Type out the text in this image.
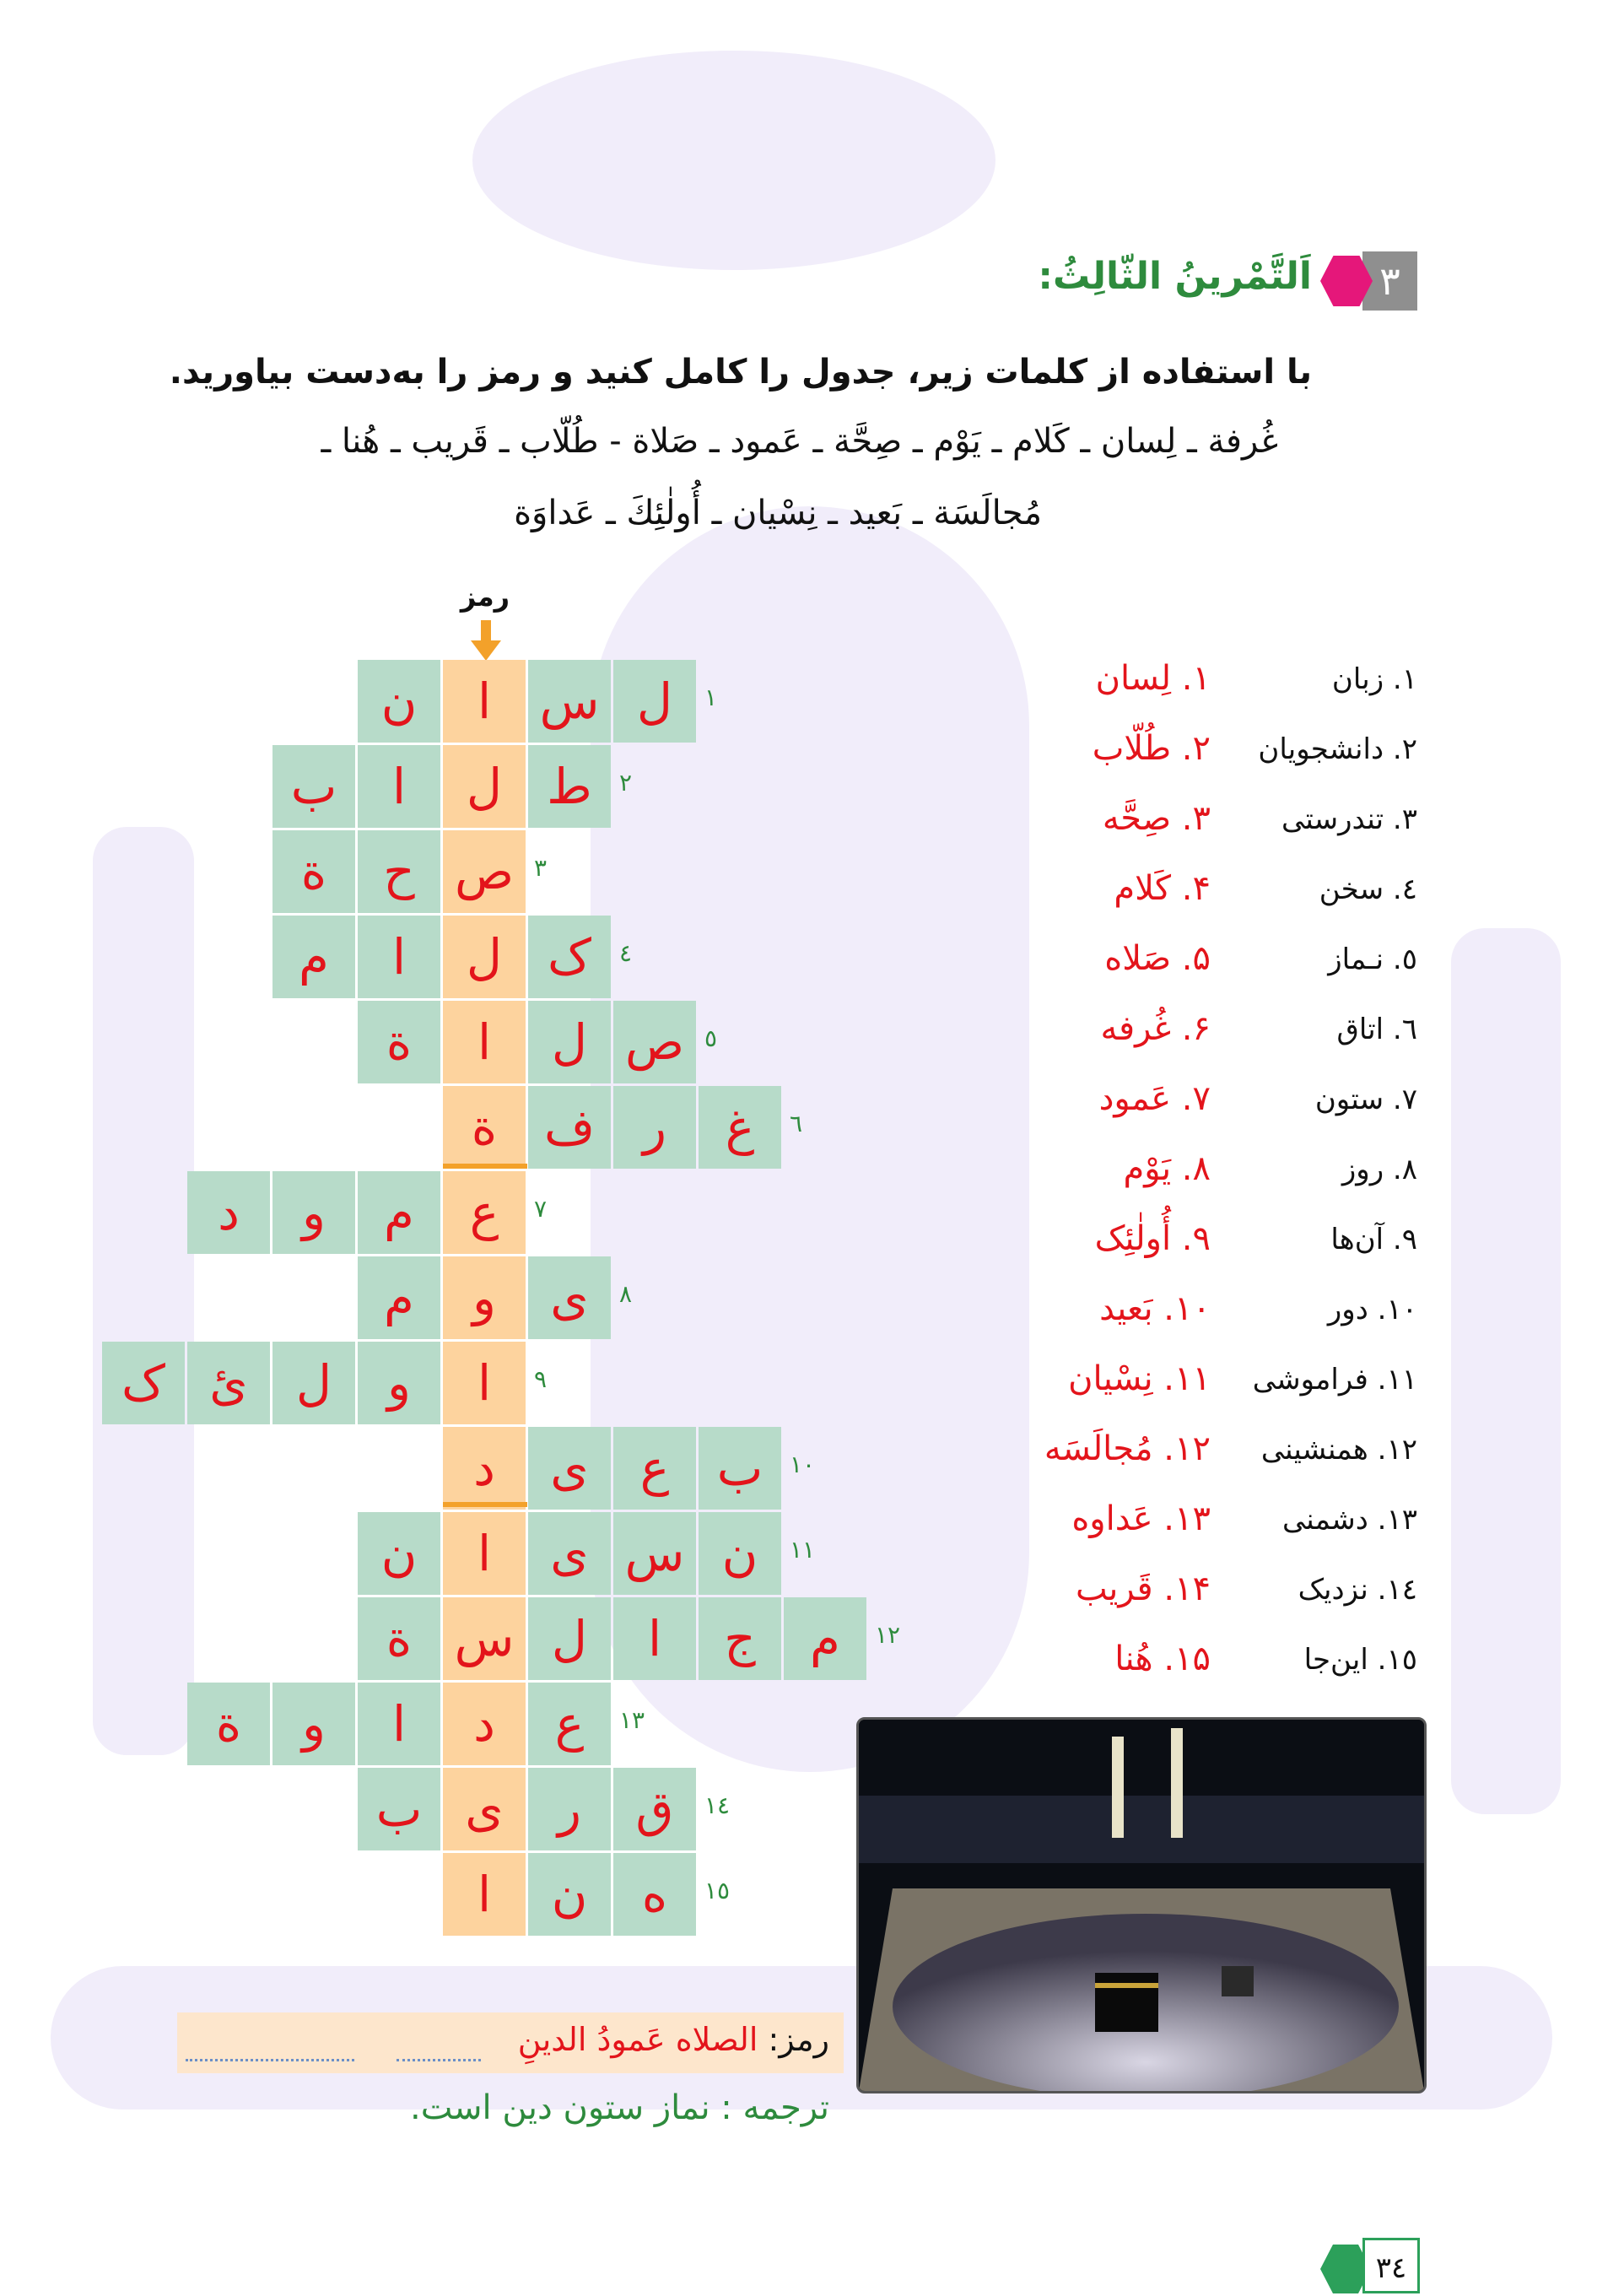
٣
اَلتَّمْرينُ الثّالِثُ:
با استفاده از کلمات زیر، جدول را کامل کنید و رمز را به‌دست بیاورید.
غُرفة ـ لِسان ـ کَلام ـ يَوْم ـ صِحَّة ـ عَمود ـ صَلاة - طُلّاب ـ قَريب ـ هُنا ـ
مُجالَسَة ـ بَعيد ـ نِسْيان ـ أُولٰئِكَ ـ عَداوَة
رمز
ل
س
ا
ن	١
ط
ل
ا
ب	٢
ص
ح
ة	٣
ک
ل
ا
م	٤
ص
ل
ا
ة	٥
غ
ر
ف
ة	٦
ع
م
و
د	٧
ی
و
م	٨
ا
و
ل
ئ
ک	٩
ب
ع
ی
د	١٠
ن
س
ی
ا
ن	١١
م
ج
ا
ل
س
ة	١٢
ع
د
ا
و
ة	١٣
ق
ر
ی
ب	١٤
ه
ن
ا	١٥
١. زبان
١. لِسان
٢. دانشجویان
٢. طُلّاب
٣. تندرستی
٣. صِحَّه
٤. سخن
۴. کَلام
٥. نـماز
۵. صَلاه
٦. اتاق
۶. غُرفه
٧. ستون
٧. عَمود
٨. روز
٨. يَوْم
٩. آن‌ها
٩. أُولٰئِک
١٠. دور
١٠. بَعید
١١. فراموشی
١١. نِسْیان
١٢. همنشینی
١٢. مُجالَسَه
١٣. دشمنی
١٣. عَداوه
١٤. نزدیک
١۴. قَريب
١٥. این‌جا
١۵. هُنا
رمز: الصلاه عَمودُ الدینِ
ترجمه : نماز ستون دین است.
٣٤
